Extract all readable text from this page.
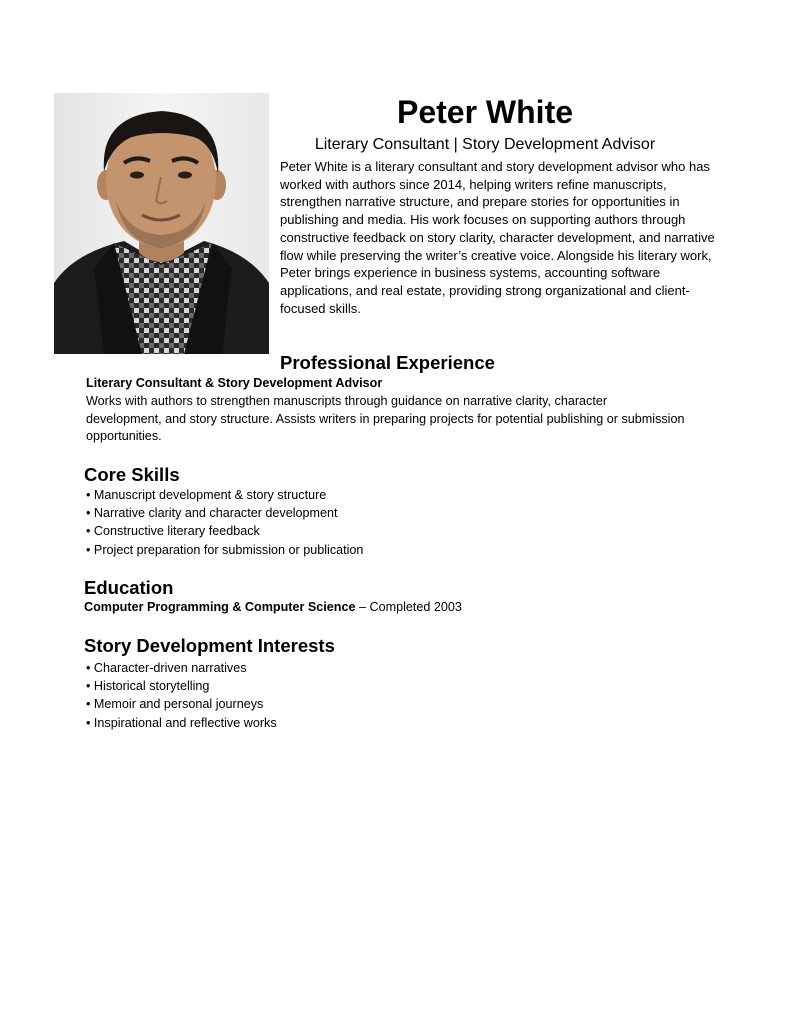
Peter White
Literary Consultant | Story Development Advisor
Peter White is a literary consultant and story development advisor who has worked with authors since 2014, helping writers refine manuscripts, strengthen narrative structure, and prepare stories for opportunities in publishing and media. His work focuses on supporting authors through constructive feedback on story clarity, character development, and narrative flow while preserving the writer’s creative voice. Alongside his literary work, Peter brings experience in business systems, accounting software applications, and real estate, providing strong organizational and client-focused skills.
Professional Experience
Literary Consultant & Story Development Advisor
Works with authors to strengthen manuscripts through guidance on narrative clarity, character development, and story structure. Assists writers in preparing projects for potential publishing or submission opportunities.
Core Skills
• Manuscript development & story structure
• Narrative clarity and character development
• Constructive literary feedback
• Project preparation for submission or publication
Education
Computer Programming & Computer Science – Completed 2003
Story Development Interests
• Character-driven narratives
• Historical storytelling
• Memoir and personal journeys
• Inspirational and reflective works
